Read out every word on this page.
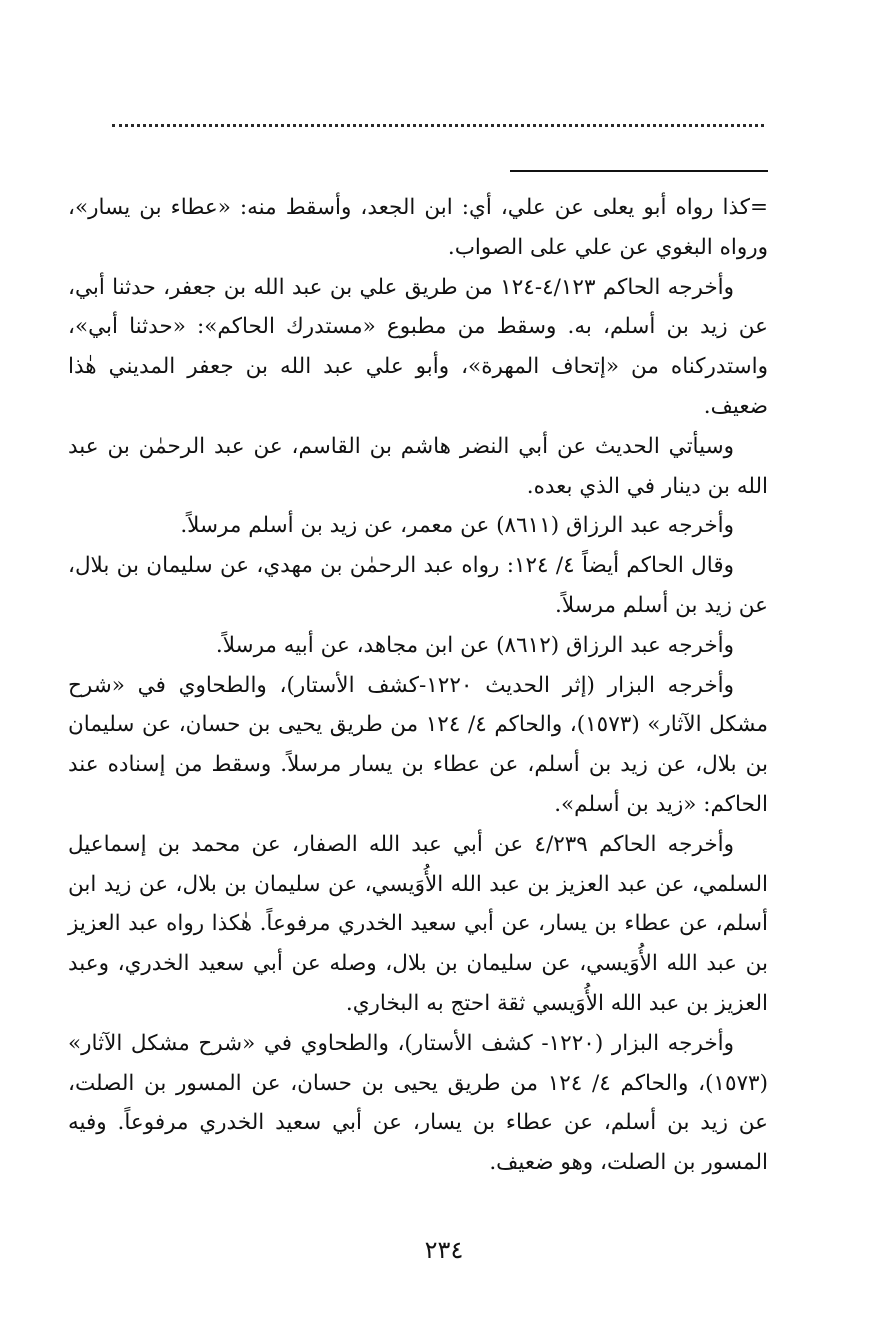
=كذا رواه أبو يعلى عن علي، أي: ابن الجعد، وأسقط منه: «عطاء بن يسار»، ورواه البغوي عن علي على الصواب.

وأخرجه الحاكم ٤/١٢٣-١٢٤ من طريق علي بن عبد الله بن جعفر، حدثنا أبي، عن زيد بن أسلم، به. وسقط من مطبوع «مستدرك الحاكم»: «حدثنا أبي»، واستدركناه من «إتحاف المهرة»، وأبو علي عبد الله بن جعفر المديني هٰذا ضعيف.

وسيأتي الحديث عن أبي النضر هاشم بن القاسم، عن عبد الرحمٰن بن عبد الله بن دينار في الذي بعده.

وأخرجه عبد الرزاق (٨٦١١) عن معمر، عن زيد بن أسلم مرسلاً.

وقال الحاكم أيضاً ٤/ ١٢٤: رواه عبد الرحمٰن بن مهدي، عن سليمان بن بلال، عن زيد بن أسلم مرسلاً.

وأخرجه عبد الرزاق (٨٦١٢) عن ابن مجاهد، عن أبيه مرسلاً.

وأخرجه البزار (إثر الحديث ١٢٢٠-كشف الأستار)، والطحاوي في «شرح مشكل الآثار» (١٥٧٣)، والحاكم ٤/ ١٢٤ من طريق يحيى بن حسان، عن سليمان بن بلال، عن زيد بن أسلم، عن عطاء بن يسار مرسلاً. وسقط من إسناده عند الحاكم: «زيد بن أسلم».

وأخرجه الحاكم ٤/٢٣٩ عن أبي عبد الله الصفار، عن محمد بن إسماعيل السلمي، عن عبد العزيز بن عبد الله الأُوَيسي، عن سليمان بن بلال، عن زيد ابن أسلم، عن عطاء بن يسار، عن أبي سعيد الخدري مرفوعاً. هٰكذا رواه عبد العزيز بن عبد الله الأُوَيسي، عن سليمان بن بلال، وصله عن أبي سعيد الخدري، وعبد العزيز بن عبد الله الأُوَيسي ثقة احتج به البخاري.

وأخرجه البزار (١٢٢٠- كشف الأستار)، والطحاوي في «شرح مشكل الآثار» (١٥٧٣)، والحاكم ٤/ ١٢٤ من طريق يحيى بن حسان، عن المسور بن الصلت، عن زيد بن أسلم، عن عطاء بن يسار، عن أبي سعيد الخدري مرفوعاً. وفيه المسور بن الصلت، وهو ضعيف.

٢٣٤
